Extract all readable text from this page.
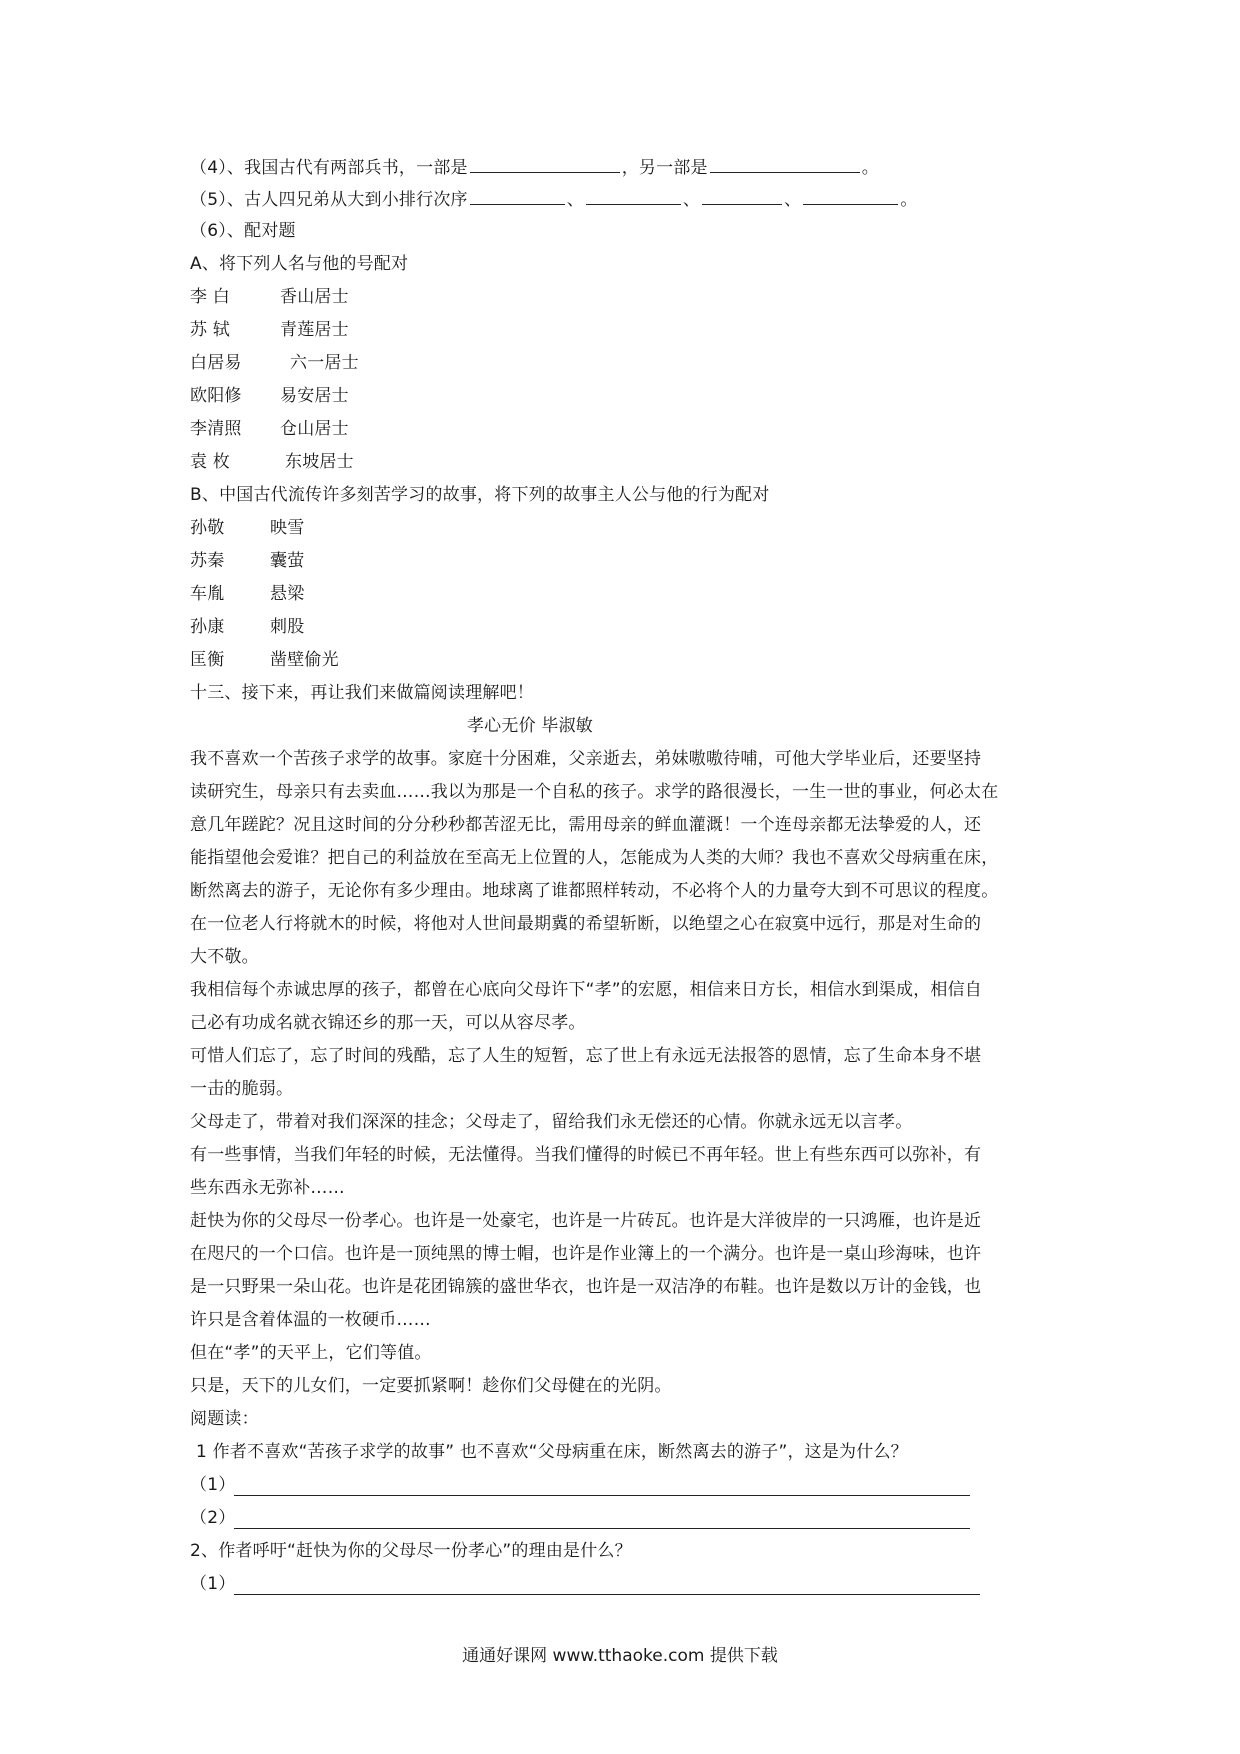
（4）、我国古代有两部兵书，一部是	，另一部是	。
（5）、古人四兄弟从大到小排行次序	、	、	、	。
（6）、配对题
A、将下列人名与他的号配对
李 白	香山居士
苏 轼	青莲居士
白居易	六一居士
欧阳修 易安居士
李清照 仓山居士
袁 枚	东坡居士
B、中国古代流传许多刻苦学习的故事，将下列的故事主人公与他的行为配对
孙敬	映雪
苏秦	囊萤
车胤	悬梁
孙康	刺股
匡衡	凿壁偷光
十三、接下来，再让我们来做篇阅读理解吧！
孝心无价 毕淑敏
我不喜欢一个苦孩子求学的故事。家庭十分困难，父亲逝去，弟妹嗷嗷待哺，可他大学毕业后，还要坚持
读研究生，母亲只有去卖血……我以为那是一个自私的孩子。求学的路很漫长，一生一世的事业，何必太在
意几年蹉跎？况且这时间的分分秒秒都苦涩无比，需用母亲的鲜血灌溉！一个连母亲都无法挚爱的人，还
能指望他会爱谁？把自己的利益放在至高无上位置的人，怎能成为人类的大师？我也不喜欢父母病重在床，
断然离去的游子，无论你有多少理由。地球离了谁都照样转动，不必将个人的力量夸大到不可思议的程度。
在一位老人行将就木的时候，将他对人世间最期冀的希望斩断，以绝望之心在寂寞中远行，那是对生命的
大不敬。
我相信每个赤诚忠厚的孩子，都曾在心底向父母许下“孝”的宏愿，相信来日方长，相信水到渠成，相信自
己必有功成名就衣锦还乡的那一天，可以从容尽孝。
可惜人们忘了，忘了时间的残酷，忘了人生的短暂，忘了世上有永远无法报答的恩情，忘了生命本身不堪
一击的脆弱。
父母走了，带着对我们深深的挂念；父母走了，留给我们永无偿还的心情。你就永远无以言孝。
有一些事情，当我们年轻的时候，无法懂得。当我们懂得的时候已不再年轻。世上有些东西可以弥补，有
些东西永无弥补……
赶快为你的父母尽一份孝心。也许是一处豪宅，也许是一片砖瓦。也许是大洋彼岸的一只鸿雁，也许是近
在咫尺的一个口信。也许是一顶纯黑的博士帽，也许是作业簿上的一个满分。也许是一桌山珍海味，也许
是一只野果一朵山花。也许是花团锦簇的盛世华衣，也许是一双洁净的布鞋。也许是数以万计的金钱，也
许只是含着体温的一枚硬币……
但在“孝”的天平上，它们等值。
只是，天下的儿女们，一定要抓紧啊！趁你们父母健在的光阴。
阅题读：
1 作者不喜欢“苦孩子求学的故事” 也不喜欢“父母病重在床，断然离去的游子”，这是为什么？
（1）
（2）
2、作者呼吁“赶快为你的父母尽一份孝心”的理由是什么？
（1）
通通好课网 www.tthaoke.com 提供下载
